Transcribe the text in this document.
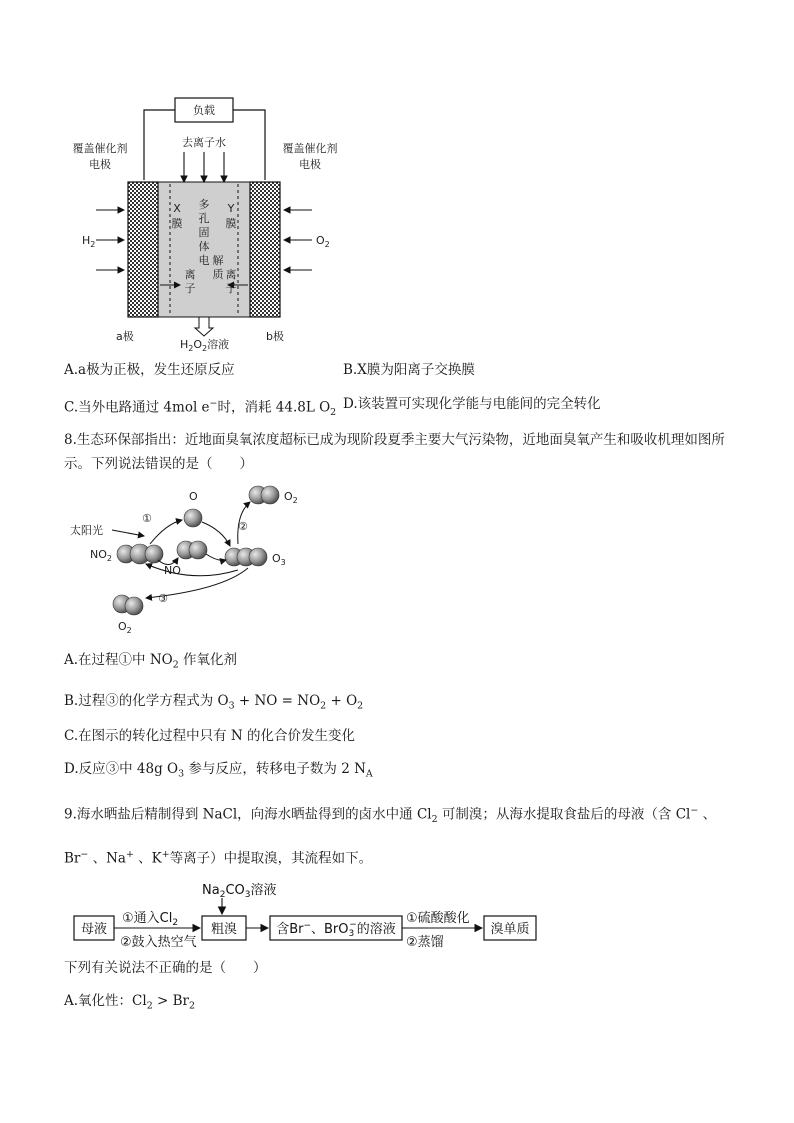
负载
覆盖催化剂
电极
覆盖催化剂
电极
去离子水
X
膜
Y
膜
多
孔
固
体
电 解
质
离
子
离
子
$H_2$	$O_2$
a极	b极
$H_2O_2$溶液
A.a极为正极，发生还原反应	B.X膜为阳离子交换膜
C.当外电路通过 4mol e−时，消耗 44.8L $O_2$
D.该装置可实现化学能与电能间的完全转化
8.生态环保部指出：近地面臭氧浓度超标已成为现阶段夏季主要大气污染物，近地面臭氧产生和吸收机理如图所示。下列说法错误的是（　　）
太阳光
$NO_2$
O
NO
$O_2$
$O_3$
$O_2$
①
②
③
A.在过程①中 $NO_2$ 作氧化剂
B.过程③的化学方程式为 $O_3$ + NO = $NO_2 + O_2$
C.在图示的转化过程中只有 N 的化合价发生变化
D.反应③中 48g $O_3$ 参与反应，转移电子数为 2 $N_A$
9.海水晒盐后精制得到 NaCl，向海水晒盐得到的卤水中通 $Cl_2$ 可制溴；从海水提取食盐后的母液（含 Cl− 、
Br− 、Na+ 、K+等离子）中提取溴，其流程如下。
母液
①通入$Cl_2$
②鼓入热空气
$Na_2CO_3$溶液
粗溴	含Br−、BrO$_3$−的溶液
①硫酸酸化
②蒸馏
溴单质
下列有关说法不正确的是（　　）
A.氧化性：$Cl_2 > Br_2$
